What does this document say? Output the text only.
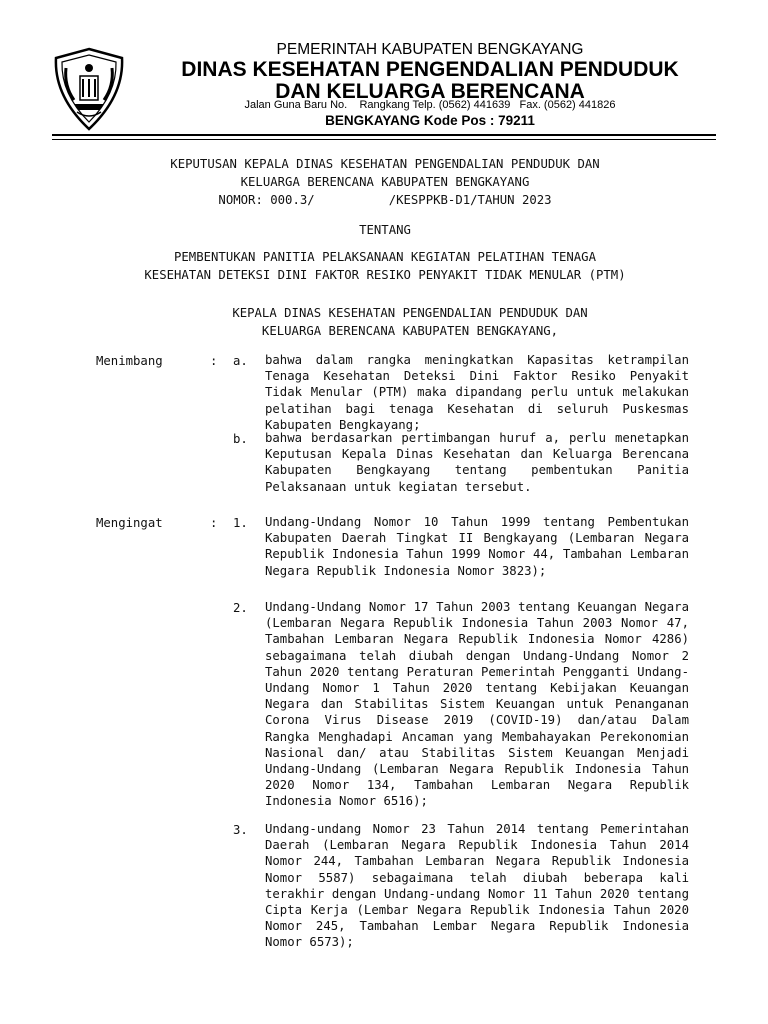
PEMERINTAH KABUPATEN BENGKAYANG
DINAS KESEHATAN PENGENDALIAN PENDUDUK
DAN KELUARGA BERENCANA
Jalan Guna Baru No.    Rangkang Telp. (0562) 441639   Fax. (0562) 441826
BENGKAYANG Kode Pos : 79211

KEPUTUSAN KEPALA DINAS KESEHATAN PENGENDALIAN PENDUDUK DAN

KELUARGA BERENCANA KABUPATEN BENGKAYANG

NOMOR: 000.3/          /KESPPKB-D1/TAHUN 2023

TENTANG

PEMBENTUKAN PANITIA PELAKSANAAN KEGIATAN PELATIHAN TENAGA

KESEHATAN DETEKSI DINI FAKTOR RESIKO PENYAKIT TIDAK MENULAR (PTM)

KEPALA DINAS KESEHATAN PENGENDALIAN PENDUDUK DAN

KELUARGA BERENCANA KABUPATEN BENGKAYANG,

Menimbang	: a. bahwa dalam rangka meningkatkan Kapasitas ketrampilan Tenaga Kesehatan Deteksi Dini Faktor Resiko Penyakit Tidak Menular (PTM) maka dipandang perlu untuk melakukan pelatihan bagi tenaga Kesehatan di seluruh Puskesmas Kabupaten Bengkayang;
b. bahwa berdasarkan pertimbangan huruf a, perlu menetapkan Keputusan Kepala Dinas Kesehatan dan Keluarga Berencana Kabupaten Bengkayang tentang pembentukan Panitia Pelaksanaan untuk kegiatan tersebut.
Mengingat	: 1. Undang-Undang Nomor 10 Tahun 1999 tentang Pembentukan Kabupaten Daerah Tingkat II Bengkayang (Lembaran Negara Republik Indonesia Tahun 1999 Nomor 44, Tambahan Lembaran Negara Republik Indonesia Nomor 3823);
2. Undang-Undang Nomor 17 Tahun 2003 tentang Keuangan Negara (Lembaran Negara Republik Indonesia Tahun 2003 Nomor 47, Tambahan Lembaran Negara Republik Indonesia Nomor 4286) sebagaimana telah diubah dengan Undang-Undang Nomor 2 Tahun 2020 tentang Peraturan Pemerintah Pengganti Undang-Undang Nomor 1 Tahun 2020 tentang Kebijakan Keuangan Negara dan Stabilitas Sistem Keuangan untuk Penanganan Corona Virus Disease 2019 (COVID-19) dan/atau Dalam Rangka Menghadapi Ancaman yang Membahayakan Perekonomian Nasional dan/ atau Stabilitas Sistem Keuangan Menjadi Undang-Undang (Lembaran Negara Republik Indonesia Tahun 2020 Nomor 134, Tambahan Lembaran Negara Republik Indonesia Nomor 6516);
3. Undang-undang Nomor 23 Tahun 2014 tentang Pemerintahan Daerah (Lembaran Negara Republik Indonesia Tahun 2014 Nomor 244, Tambahan Lembaran Negara Republik Indonesia Nomor 5587) sebagaimana telah diubah beberapa kali terakhir dengan Undang-undang Nomor 11 Tahun 2020 tentang Cipta Kerja (Lembar Negara Republik Indonesia Tahun 2020 Nomor 245, Tambahan Lembar Negara Republik Indonesia Nomor 6573);
